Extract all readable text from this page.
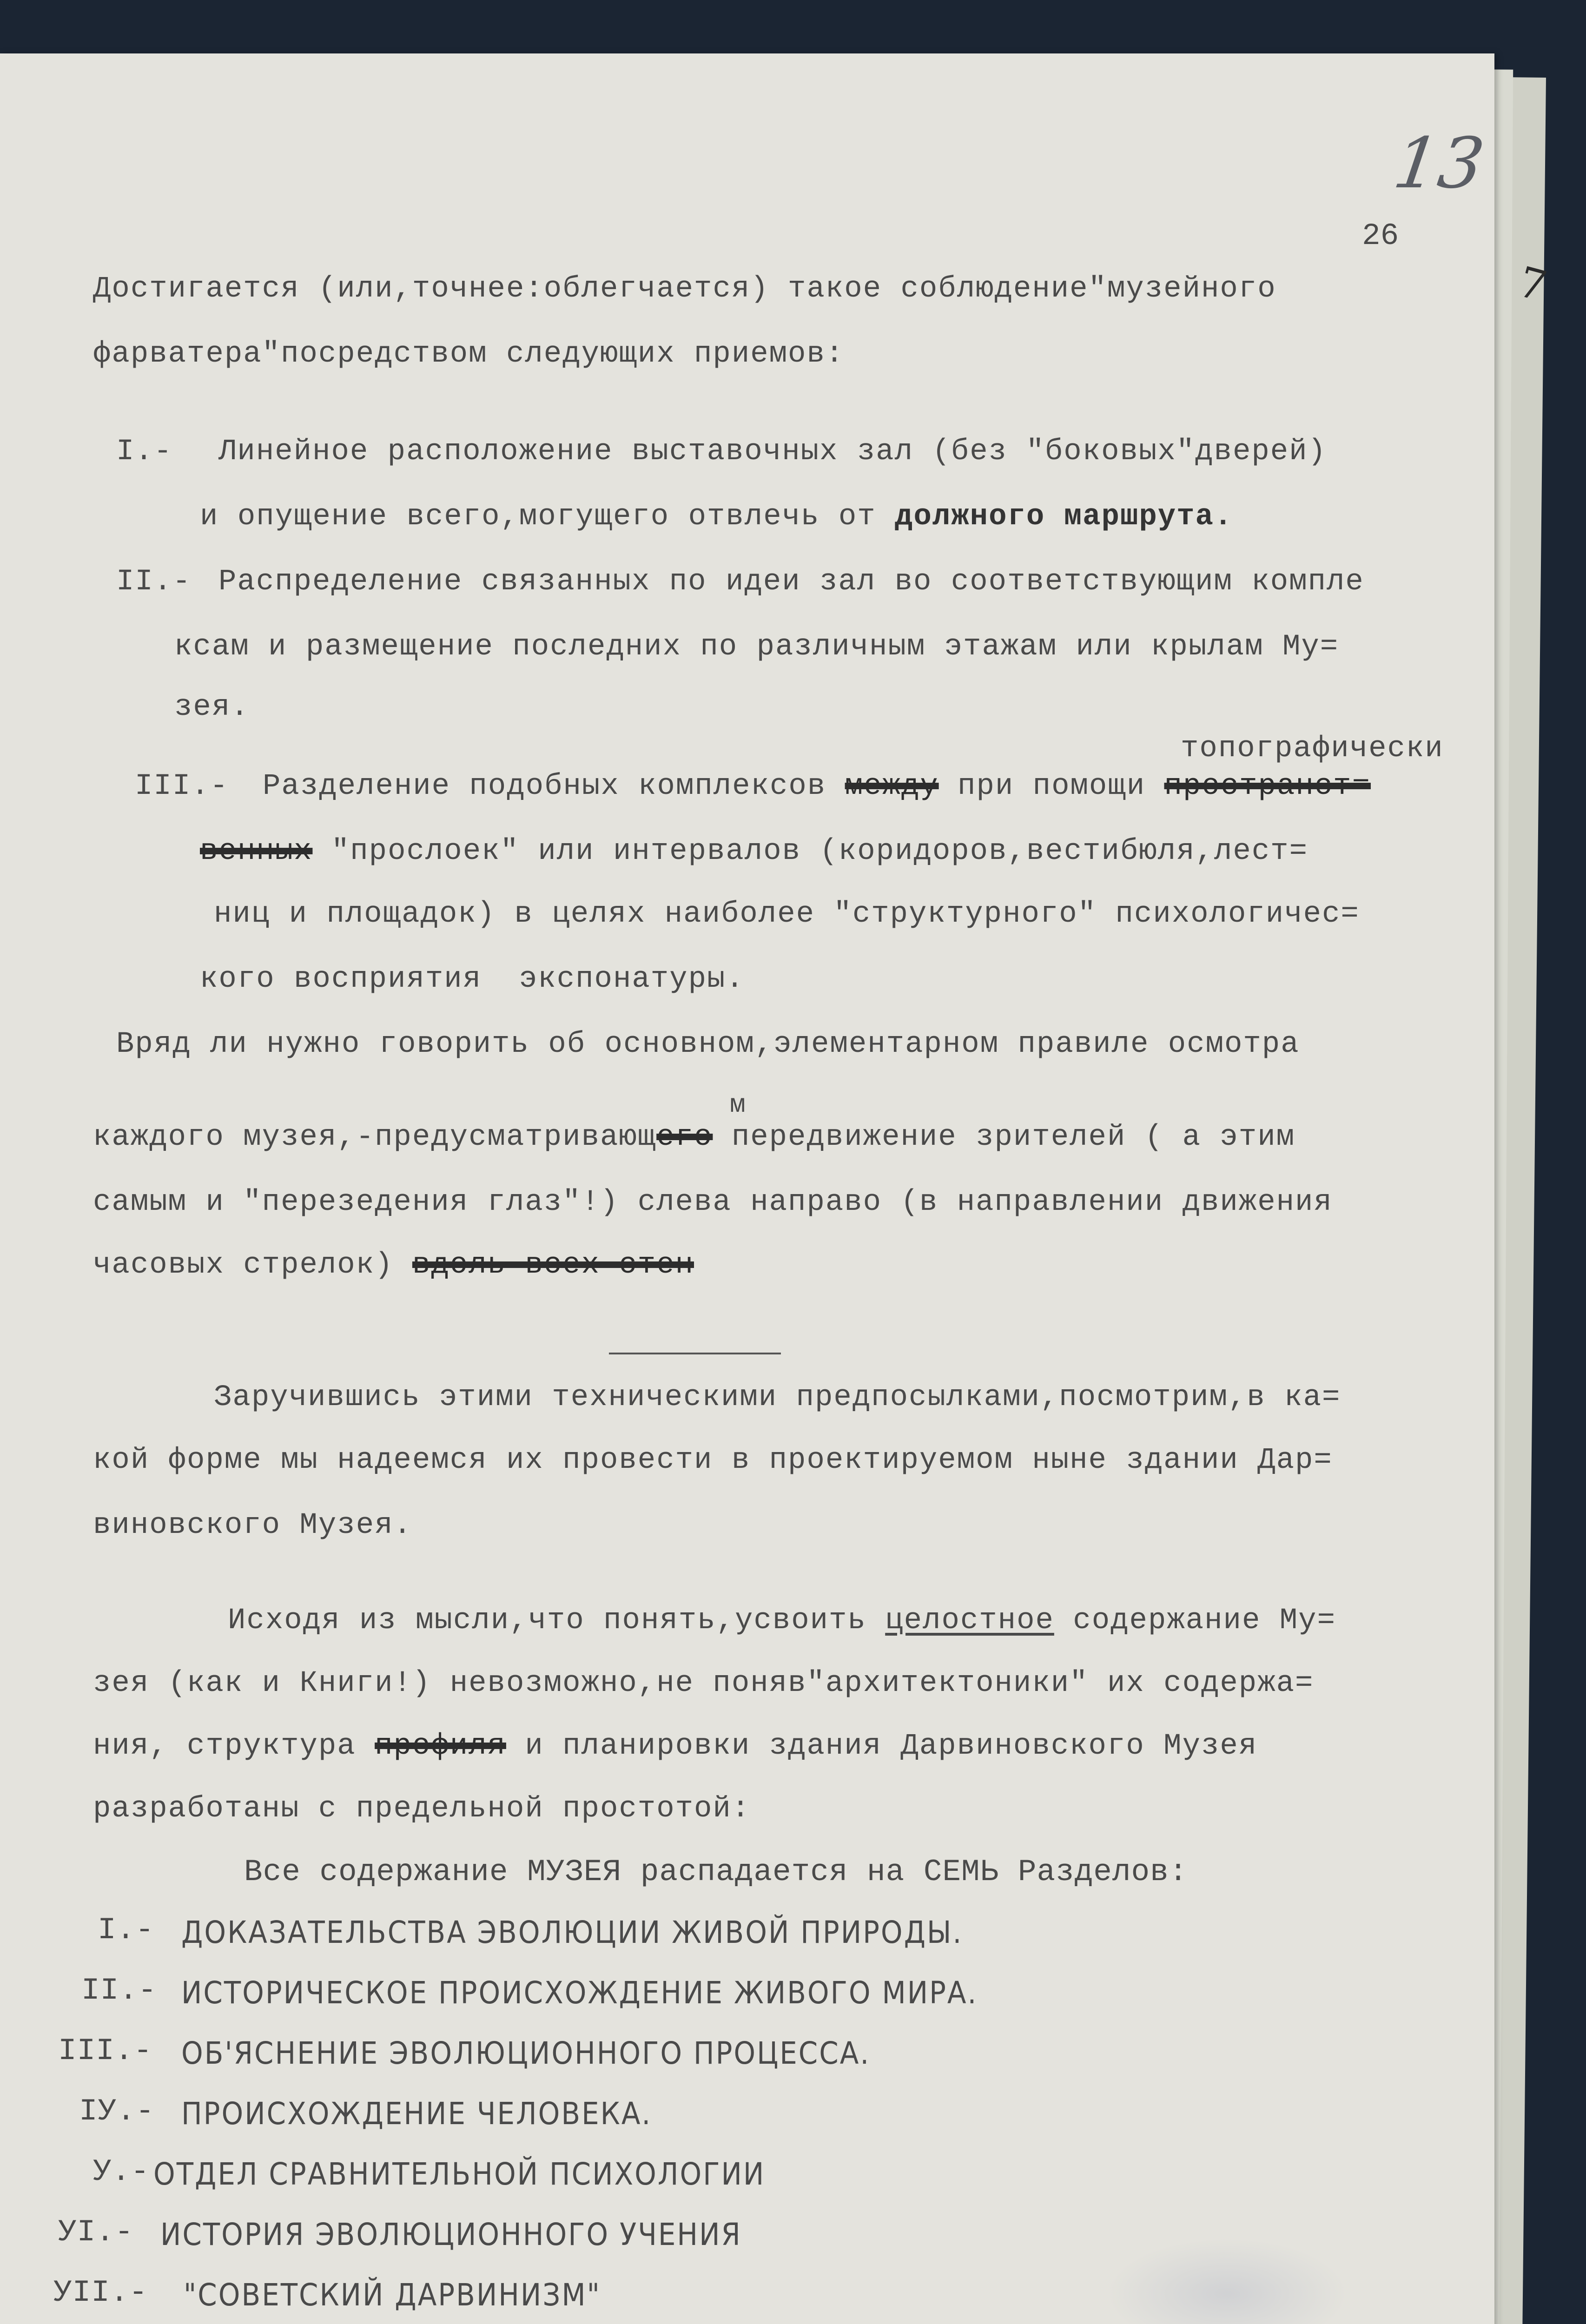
13
26
Достигается (или,точнее:облегчается) такое соблюдение"музейного
фарватера"посредством следующих приемов:
I.- Линейное расположение выставочных зал (без "боковых"дверей)
и опущение всего,могущего отвлечь от должного маршрута.
II.- Распределение связанных по идеи зал во соответствующим компле
ксам и размещение последних по различным этажам или крылам Му=
зея.
топографически
III.- Разделение подобных комплексов между при помощи пространст=
венных "прослоек" или интервалов (коридоров,вестибюля,лест=
ниц и площадок) в целях наиболее "структурного" психологичес=
кого восприятия  экспонатуры.
Вряд ли нужно говорить об основном,элементарном правиле осмотра
м
каждого музея,-предусматривающего передвижение зрителей ( а этим
самым и "перезедения глаз"!) слева направо (в направлении движения
часовых стрелок) вдоль всех стен
Заручившись этими техническими предпосылками,посмотрим,в ка=
кой форме мы надеемся их провести в проектируемом ныне здании Дар=
виновского Музея.
Исходя из мысли,что понять,усвоить целостное содержание Му=
зея (как и Книги!) невозможно,не поняв"архитектоники" их содержа=
ния, структура профиля и планировки здания Дарвиновского Музея
разработаны с предельной простотой:
Все содержание МУЗЕЯ распадается на СЕМЬ Разделов:
I.- ДОКАЗАТЕЛЬСТВА ЭВОЛЮЦИИ ЖИВОЙ ПРИРОДЫ.
II.- ИСТОРИЧЕСКОЕ ПРОИСХОЖДЕНИЕ ЖИВОГО МИРА.
III.- ОБ'ЯСНЕНИЕ ЭВОЛЮЦИОННОГО ПРОЦЕССА.
IУ.- ПРОИСХОЖДЕНИЕ ЧЕЛОВЕКА.
У.- ОТДЕЛ СРАВНИТЕЛЬНОЙ ПСИХОЛОГИИ
УI.- ИСТОРИЯ ЭВОЛЮЦИОННОГО УЧЕНИЯ
УII.- "СОВЕТСКИЙ ДАРВИНИЗМ"
7
